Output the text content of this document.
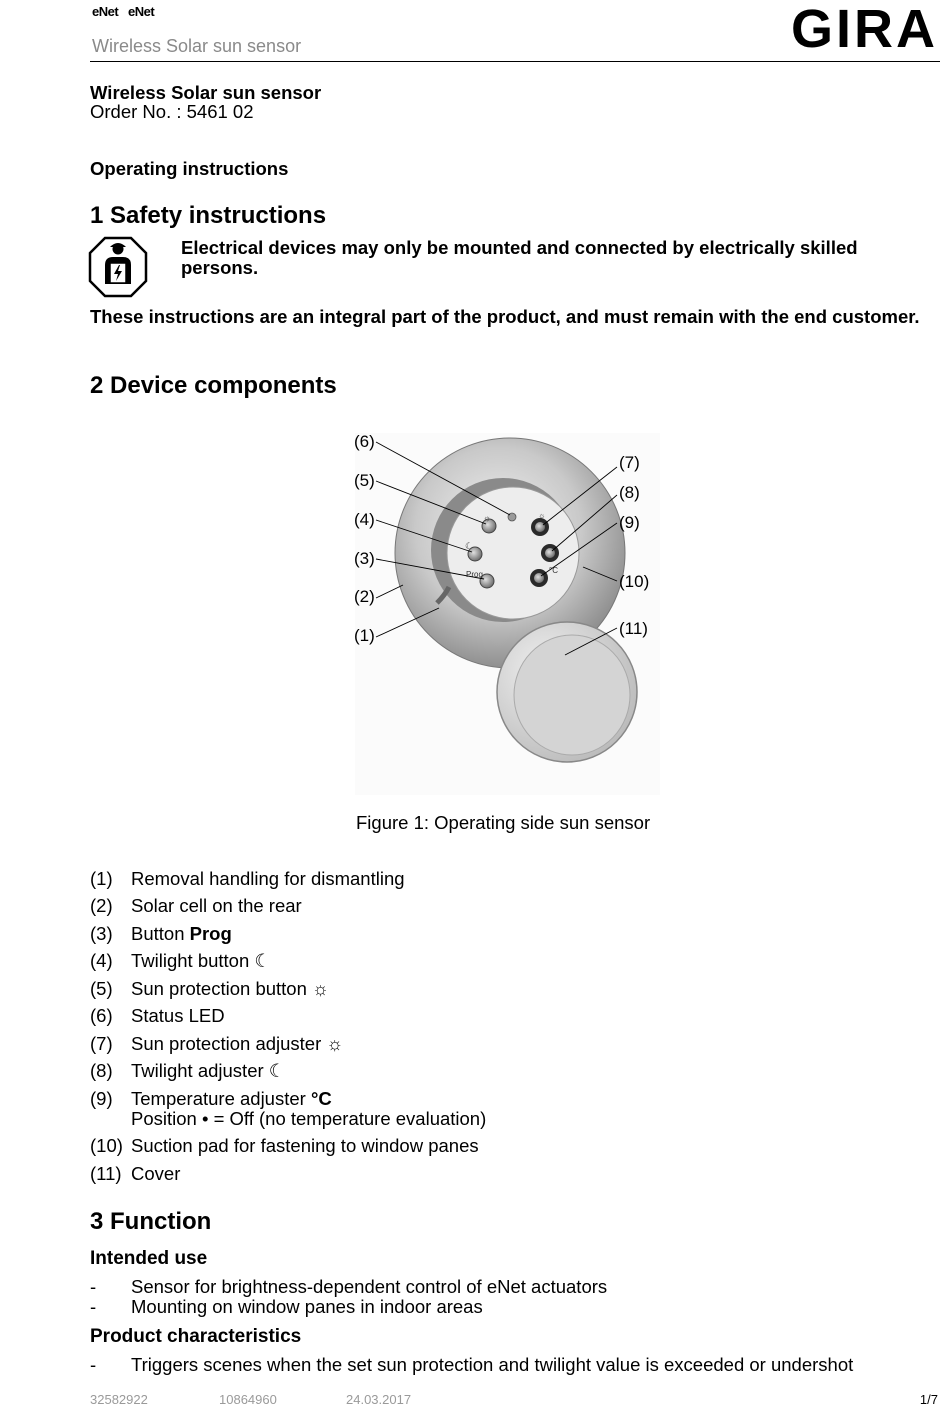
eNet eNet
Wireless Solar sun sensor	GIRA
Wireless Solar sun sensor
Order No. : 5461 02
Operating instructions
1 Safety instructions
Electrical devices may only be mounted and connected by electrically skilled persons.
These instructions are an integral part of the product, and must remain with the end customer.
2 Device components
☼
☾
Prog
☼
°C
(6)
(5)
(4)
(3)
(2)
(1)
(7)
(8)
(9)
(10)
(11)
Figure 1: Operating side sun sensor
(1) Removal handling for dismantling
(2) Solar cell on the rear
(3) Button Prog
(4) Twilight button ☾
(5) Sun protection button ☼
(6) Status LED
(7) Sun protection adjuster ☼
(8) Twilight adjuster ☾
(9) Temperature adjuster °C
Position • = Off (no temperature evaluation)
(10) Suction pad for fastening to window panes
(11) Cover
3 Function
Intended use
- Sensor for brightness-dependent control of eNet actuators
- Mounting on window panes in indoor areas
Product characteristics
- Triggers scenes when the set sun protection and twilight value is exceeded or undershot
32582922	10864960	24.03.2017	1/7
